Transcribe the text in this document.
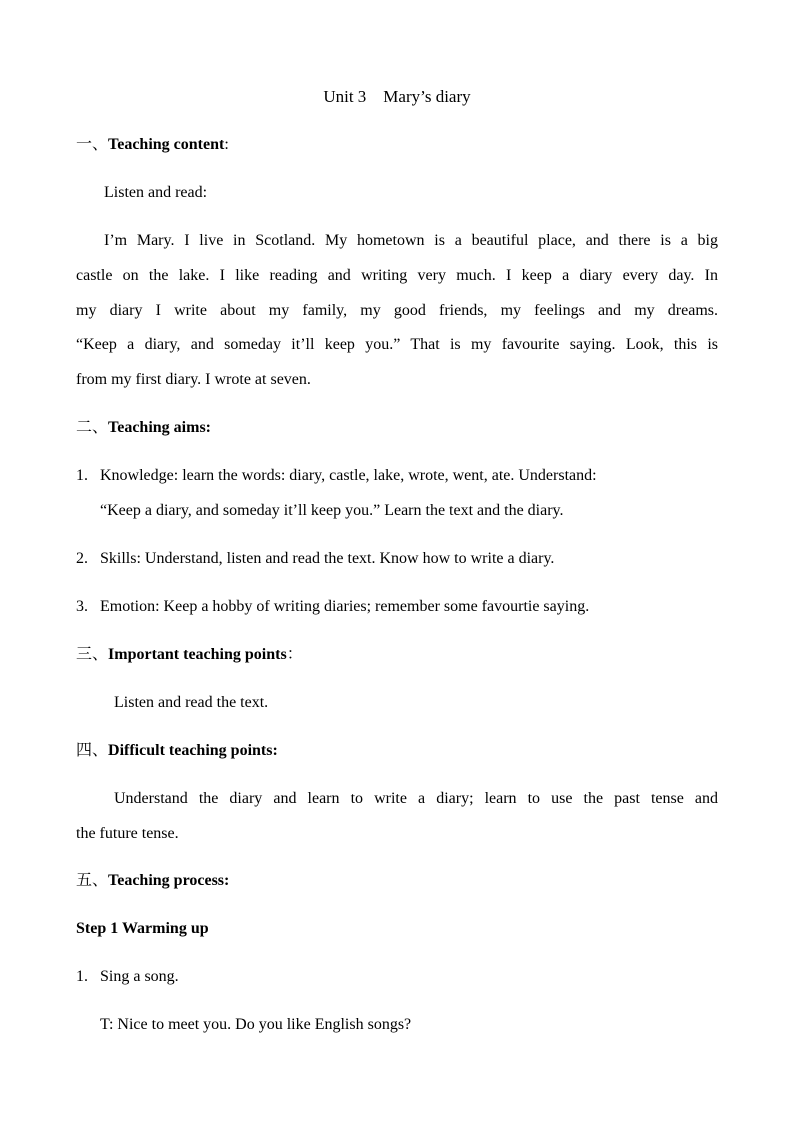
Unit 3    Mary’s diary
一、Teaching content:
Listen and read:

I’m Mary. I live in Scotland. My hometown is a beautiful place, and there is a big

castle on the lake. I like reading and writing very much. I keep a diary every day. In

my diary I write about my family, my good friends, my feelings and my dreams.

“Keep a diary, and someday it’ll keep you.” That is my favourite saying. Look, this is

from my first diary. I wrote at seven.

二、Teaching aims:
1. Knowledge: learn the words: diary, castle, lake, wrote, went, ate. Understand:
“Keep a diary, and someday it’ll keep you.” Learn the text and the diary.
2. Skills: Understand, listen and read the text. Know how to write a diary.
3. Emotion: Keep a hobby of writing diaries; remember some favourtie saying.
三、Important teaching points：
Listen and read the text.
四、Difficult teaching points:

Understand the diary and learn to write a diary; learn to use the past tense and

the future tense.

五、Teaching process:
Step 1 Warming up
1. Sing a song.
T: Nice to meet you. Do you like English songs?
